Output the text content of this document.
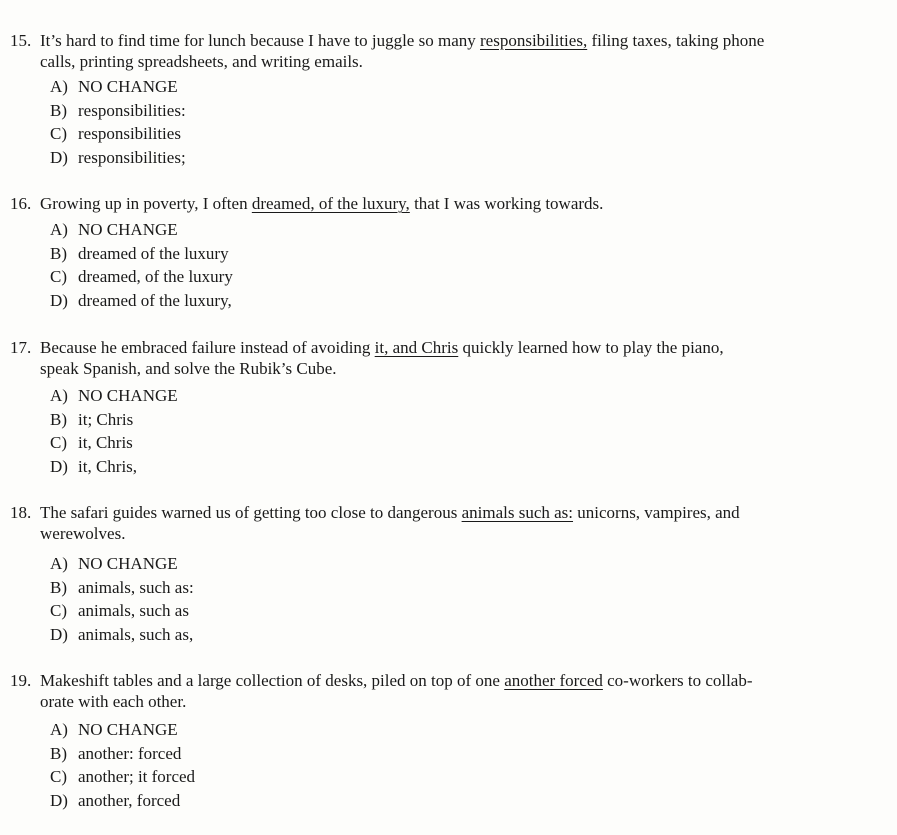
15. It’s hard to find time for lunch because I have to juggle so many responsibilities, filing taxes, taking phone
calls, printing spreadsheets, and writing emails.
A) NO CHANGE
B) responsibilities:
C) responsibilities
D) responsibilities;
16. Growing up in poverty, I often dreamed, of the luxury, that I was working towards.
A) NO CHANGE
B) dreamed of the luxury
C) dreamed, of the luxury
D) dreamed of the luxury,
17. Because he embraced failure instead of avoiding it, and Chris quickly learned how to play the piano,
speak Spanish, and solve the Rubik’s Cube.
A) NO CHANGE
B) it; Chris
C) it, Chris
D) it, Chris,
18. The safari guides warned us of getting too close to dangerous animals such as: unicorns, vampires, and
werewolves.
A) NO CHANGE
B) animals, such as:
C) animals, such as
D) animals, such as,
19. Makeshift tables and a large collection of desks, piled on top of one another forced co-workers to collab-
orate with each other.
A) NO CHANGE
B) another: forced
C) another; it forced
D) another, forced
